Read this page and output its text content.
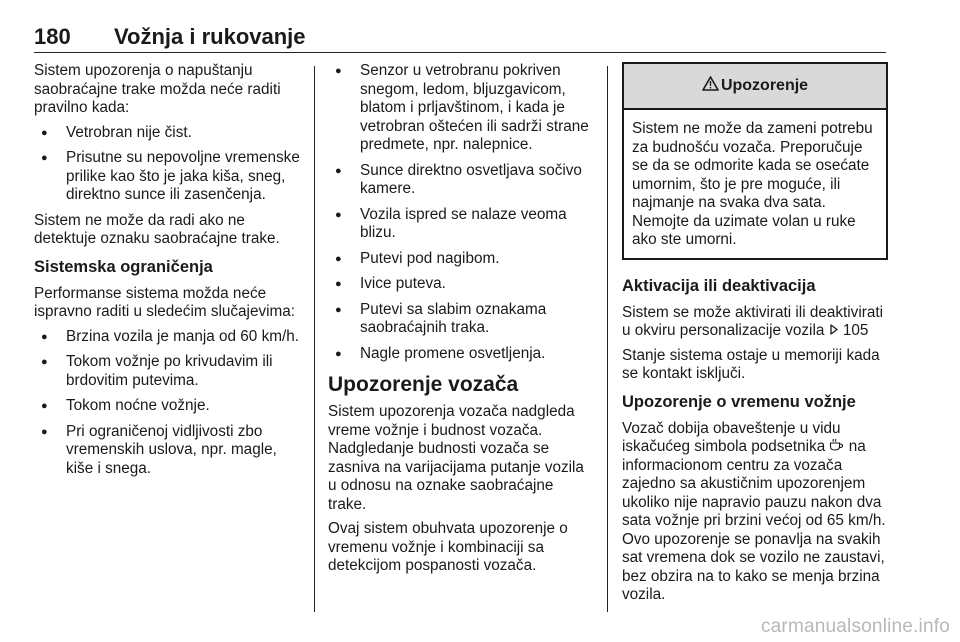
180 Vožnja i rukovanje

Sistem upozorenja o napuštanju saobraćajne trake možda neće raditi pravilno kada:

● Vetrobran nije čist.
● Prisutne su nepovoljne vremenske prilike kao što je jaka kiša, sneg, direktno sunce ili zasenčenja.

Sistem ne može da radi ako ne detektuje oznaku saobraćajne trake.

Sistemska ograničenja

Performanse sistema možda neće ispravno raditi u sledećim slučajevima:

● Brzina vozila je manja od 60 km/h.
● Tokom vožnje po krivudavim ili brdovitim putevima.
● Tokom noćne vožnje.
● Pri ograničenoj vidljivosti zbo vremenskih uslova, npr. magle, kiše i snega.
● Senzor u vetrobranu pokriven snegom, ledom, bljuzgavicom, blatom i prljavštinom, i kada je vetrobran oštećen ili sadrži strane predmete, npr. nalepnice.
● Sunce direktno osvetljava sočivo kamere.
● Vozila ispred se nalaze veoma blizu.
● Putevi pod nagibom.
● Ivice puteva.
● Putevi sa slabim oznakama saobraćajnih traka.
● Nagle promene osvetljenja.
Upozorenje vozača

Sistem upozorenja vozača nadgleda vreme vožnje i budnost vozača. Nadgledanje budnosti vozača se zasniva na varijacijama putanje vozila u odnosu na oznake saobraćajne trake.

Ovaj sistem obuhvata upozorenje o vremenu vožnje i kombinaciji sa detekcijom pospanosti vozača.

Upozorenje

Sistem ne može da zameni potrebu za budnošću vozača. Preporučuje se da se odmorite kada se osećate umornim, što je pre moguće, ili najmanje na svaka dva sata. Nemojte da uzimate volan u ruke ako ste umorni.

Aktivacija ili deaktivacija

Sistem se može aktivirati ili deaktivirati u okviru personalizacije vozila 105

Stanje sistema ostaje u memoriji kada se kontakt isključi.

Upozorenje o vremenu vožnje

Vozač dobija obaveštenje u vidu iskačućeg simbola podsetnika na informacionom centru za vozača zajedno sa akustičnim upozorenjem ukoliko nije napravio pauzu nakon dva sata vožnje pri brzini većoj od 65 km/h. Ovo upozorenje se ponavlja na svakih sat vremena dok se vozilo ne zaustavi, bez obzira na to kako se menja brzina vozila.

carmanualsonline.info
